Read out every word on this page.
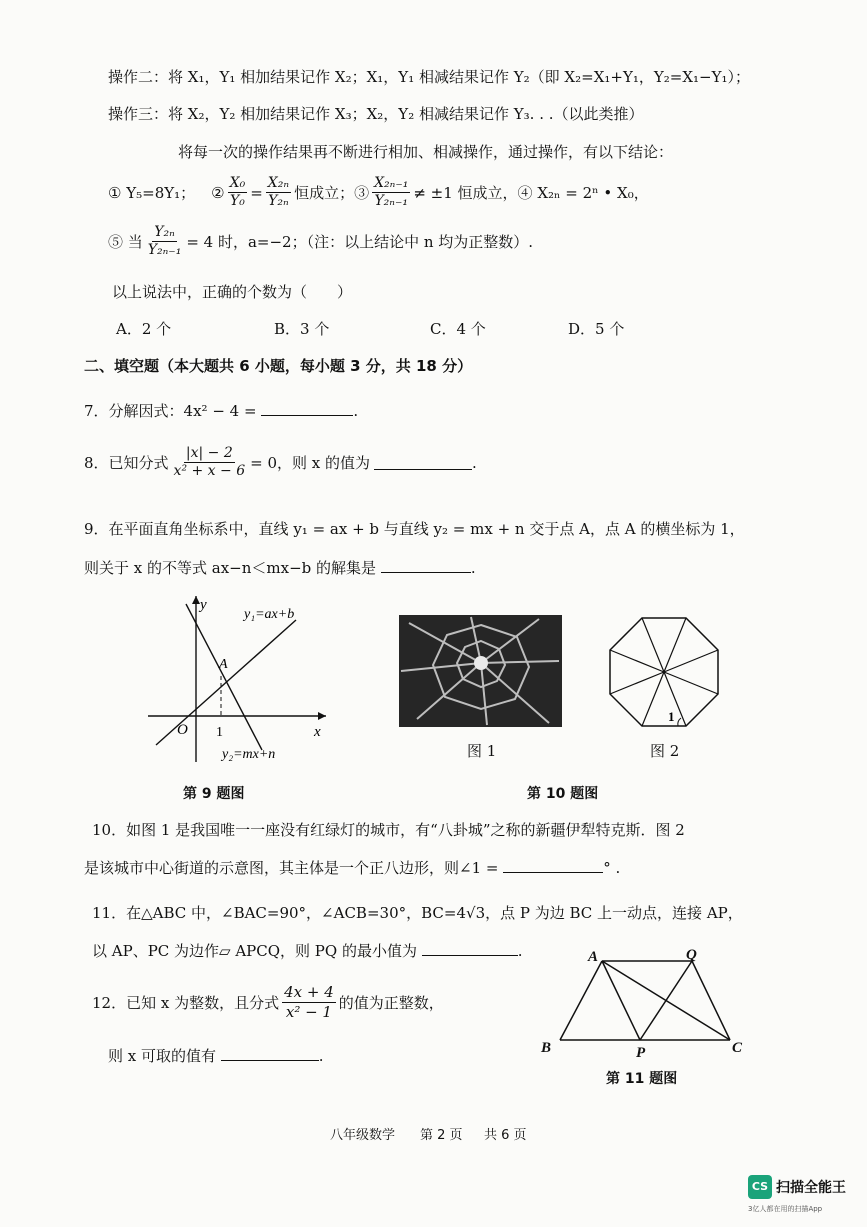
操作二：将 X₁，Y₁ 相加结果记作 X₂；X₁，Y₁ 相减结果记作 Y₂（即 X₂=X₁+Y₁，Y₂=X₁−Y₁）；
操作三：将 X₂，Y₂ 相加结果记作 X₃；X₂，Y₂ 相减结果记作 Y₃. . .（以此类推）
将每一次的操作结果再不断进行相加、相减操作，通过操作，有以下结论：
① Y₅=8Y₁； ② $\frac{\text{X₀}}{\text{Y₀}} = \frac{\text{X₂ₙ}}{\text{Y₂ₙ}}$ 恒成立；③ $\frac{\text{X₂ₙ₋₁}}{\text{Y₂ₙ₋₁}} \ne \pm 1$ 恒成立，④ X₂ₙ = 2ⁿ • X₀，
⑤ 当 $\frac{\text{Y₂ₙ}}{\text{Y₂ₙ₋₁}} = 4$ 时，a=−2；（注：以上结论中 n 均为正整数）.
以上说法中，正确的个数为（　　）
A．2 个	B．3 个	C．4 个	D．5 个
二、填空题（本大题共 6 小题，每小题 3 分，共 18 分）
7．分解因式：4x² − 4 =	.
8．已知分式 $\frac{|x| - 2}{\text{x² + x − 6}} = 0$，则 x 的值为	.
9．在平面直角坐标系中，直线 y₁ = ax + b 与直线 y₂ = mx + n 交于点 A，点 A 的横坐标为 1，
则关于 x 的不等式 ax−n＜mx−b 的解集是	.
y
x
O 1
A
y₁=ax+b
y₂=mx+n
第 9 题图
1
图 1	图 2
第 10 题图
10．如图 1 是我国唯一一座没有红绿灯的城市，有“八卦城”之称的新疆伊犁特克斯．图 2
是该城市中心街道的示意图，其主体是一个正八边形，则∠1 =	° .
11．在△ABC 中，∠BAC=90°，∠ACB=30°，BC=4√3，点 P 为边 BC 上一动点，连接 AP，
以 AP、PC 为边作▱ APCQ，则 PQ 的最小值为	.
12．已知 x 为整数，且分式 $\frac{4x + 4}{\text{x² − 1}}$ 的值为正整数，
则 x 可取的值有	.
A	Q
B	P	C
第 11 题图
八年级数学 第 2 页 共 6 页
CS 扫描全能王
3亿人都在用的扫描App
